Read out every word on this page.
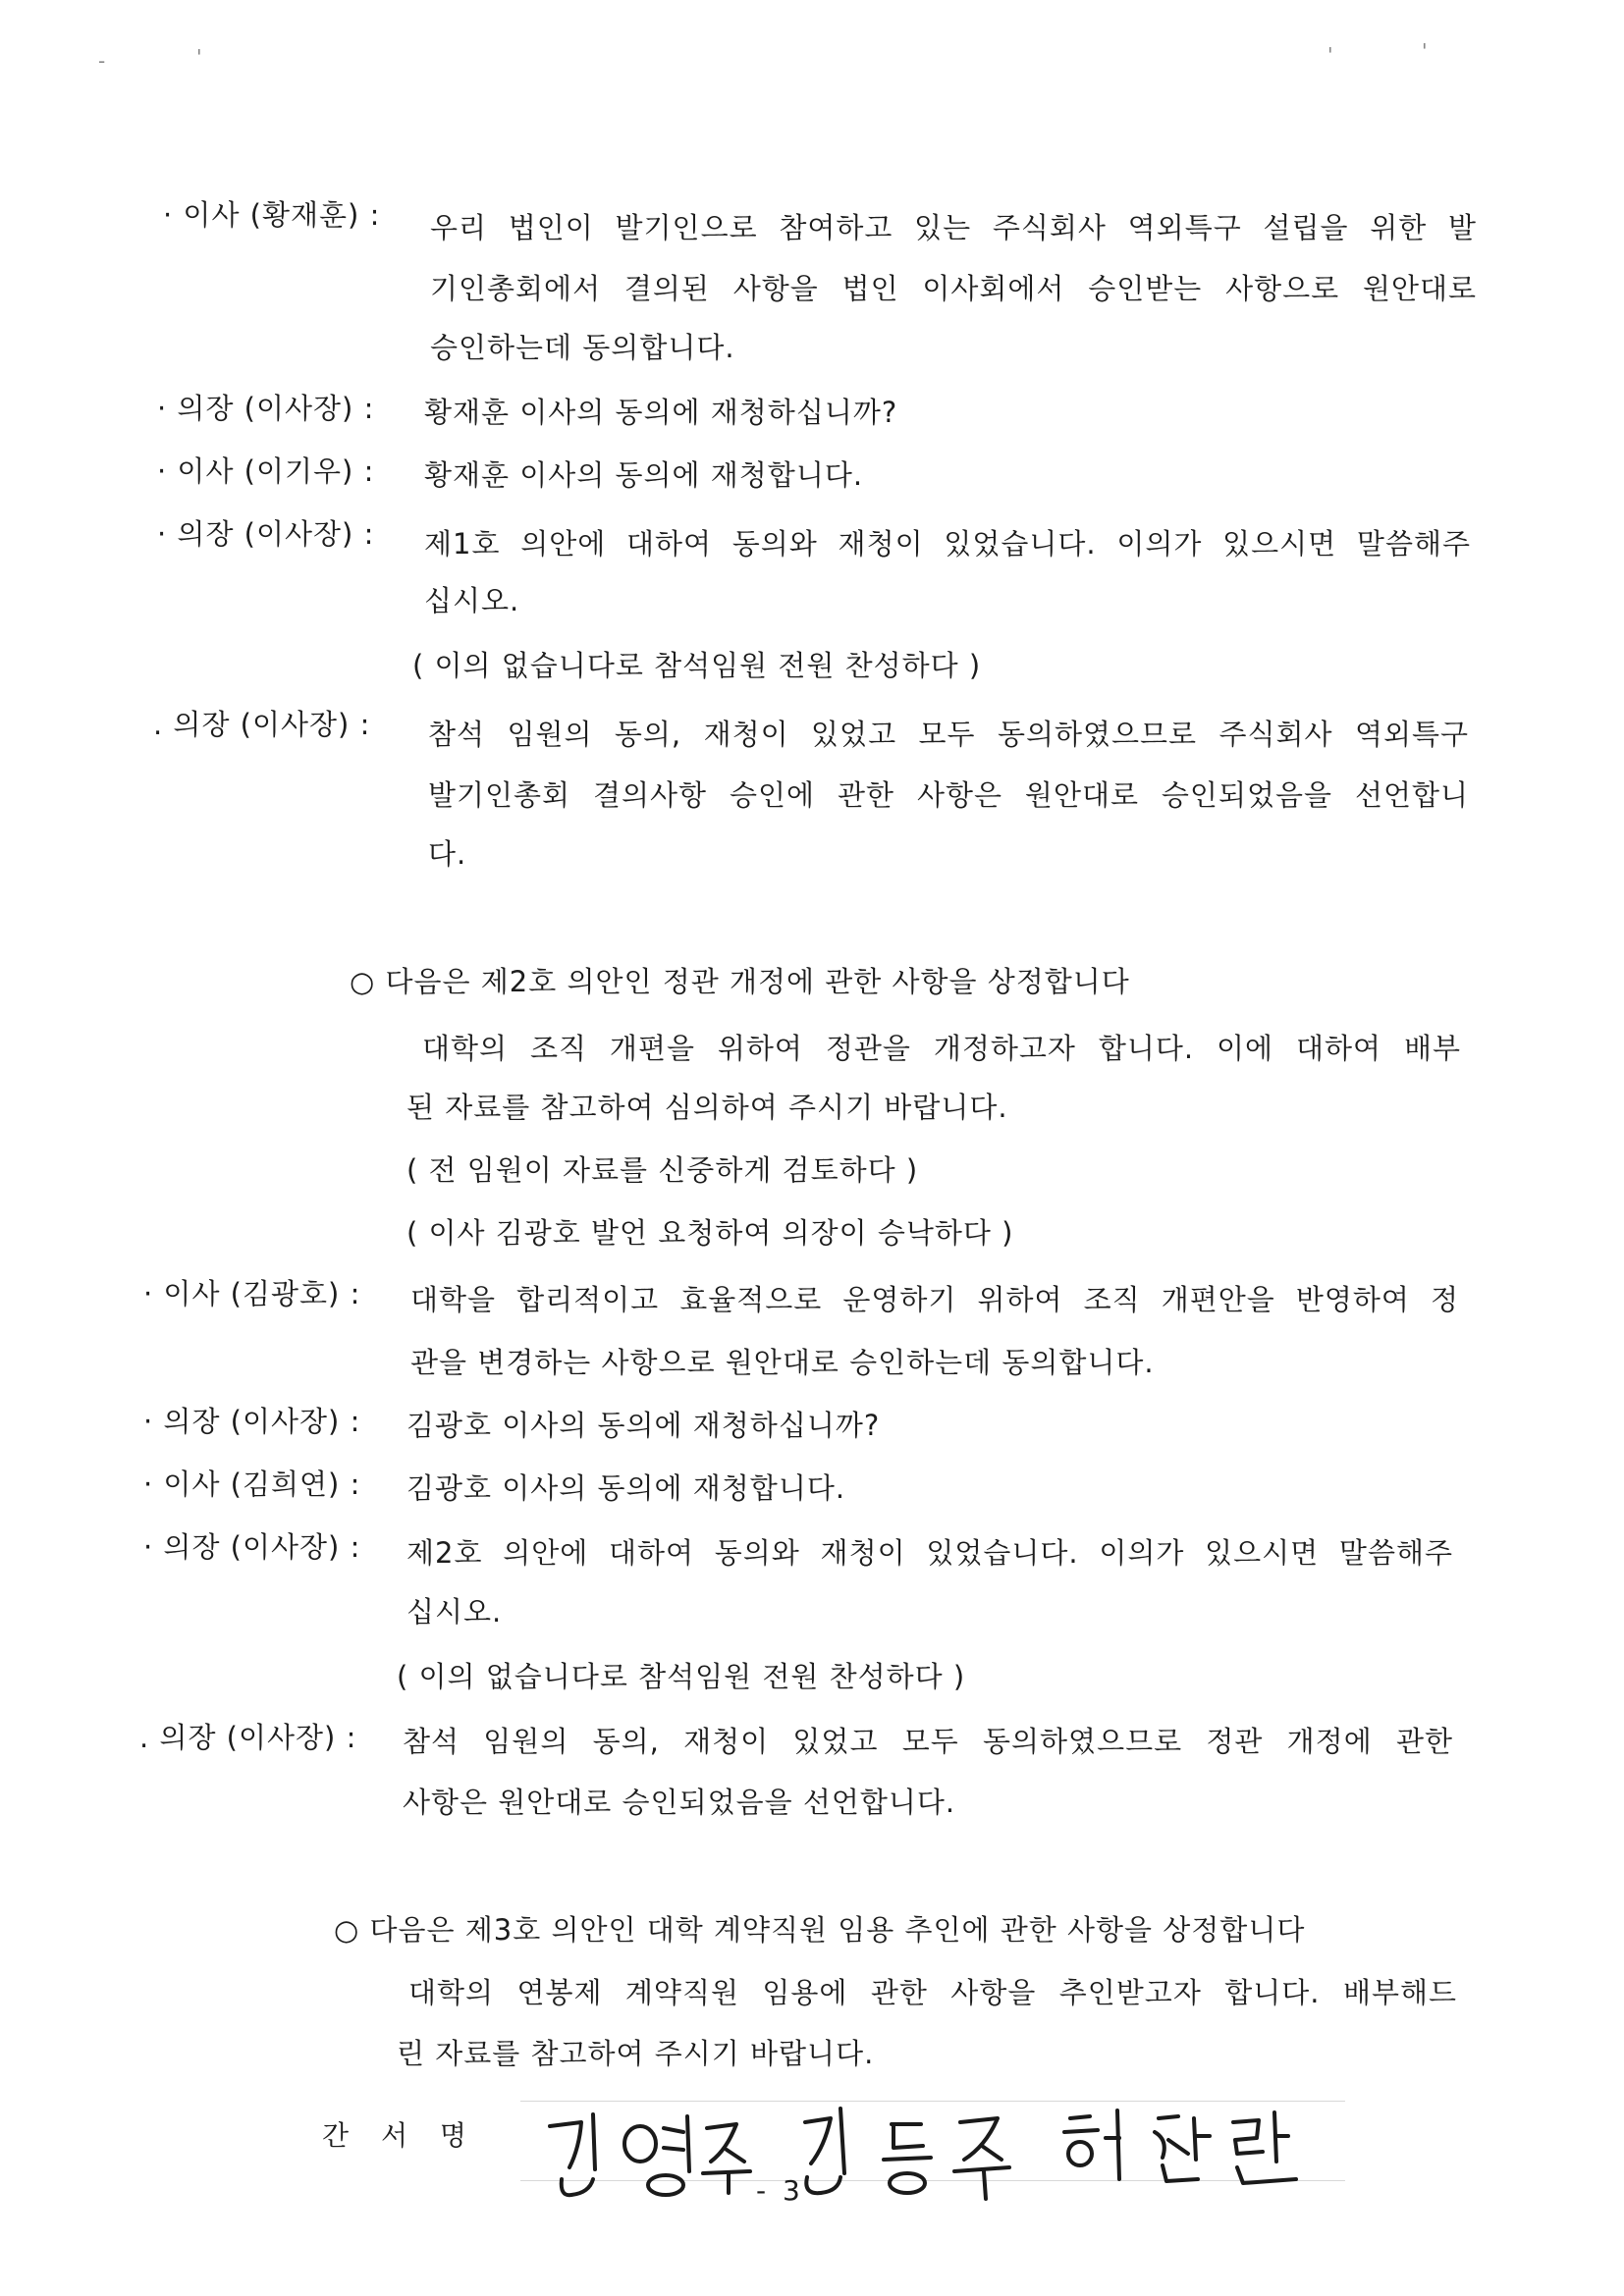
-	'	'	'
· 이사 (황재훈) : 우리 법인이 발기인으로 참여하고 있는 주식회사 역외특구 설립을 위한 발
기인총회에서 결의된 사항을 법인 이사회에서 승인받는 사항으로 원안대로
승인하는데 동의합니다.
· 의장 (이사장) : 황재훈 이사의 동의에 재청하십니까?
· 이사 (이기우) : 황재훈 이사의 동의에 재청합니다.
· 의장 (이사장) : 제1호 의안에 대하여 동의와 재청이 있었습니다. 이의가 있으시면 말씀해주
십시오.
( 이의 없습니다로 참석임원 전원 찬성하다 )
. 의장 (이사장) : 참석 임원의 동의, 재청이 있었고 모두 동의하였으므로 주식회사 역외특구
발기인총회 결의사항 승인에 관한 사항은 원안대로 승인되었음을 선언합니
다.
○ 다음은 제2호 의안인 정관 개정에 관한 사항을 상정합니다
대학의 조직 개편을 위하여 정관을 개정하고자 합니다. 이에 대하여 배부
된 자료를 참고하여 심의하여 주시기 바랍니다.
( 전 임원이 자료를 신중하게 검토하다 )
( 이사 김광호 발언 요청하여 의장이 승낙하다 )
· 이사 (김광호) : 대학을 합리적이고 효율적으로 운영하기 위하여 조직 개편안을 반영하여 정
관을 변경하는 사항으로 원안대로 승인하는데 동의합니다.
· 의장 (이사장) : 김광호 이사의 동의에 재청하십니까?
· 이사 (김희연) : 김광호 이사의 동의에 재청합니다.
· 의장 (이사장) : 제2호 의안에 대하여 동의와 재청이 있었습니다. 이의가 있으시면 말씀해주
십시오.
( 이의 없습니다로 참석임원 전원 찬성하다 )
. 의장 (이사장) : 참석 임원의 동의, 재청이 있었고 모두 동의하였으므로 정관 개정에 관한
사항은 원안대로 승인되었음을 선언합니다.
○ 다음은 제3호 의안인 대학 계약직원 임용 추인에 관한 사항을 상정합니다
대학의 연봉제 계약직원 임용에 관한 사항을 추인받고자 합니다. 배부해드
린 자료를 참고하여 주시기 바랍니다.
간 서 명
- 3 -
